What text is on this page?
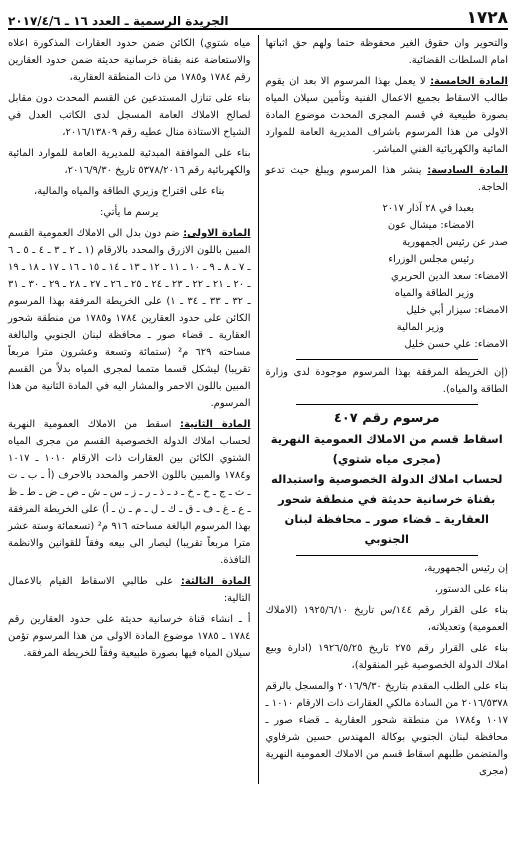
١٧٢٨
الجريدة الرسمية ـ العدد ١٦ ـ ٢٠١٧/٤/٦

والتحوير وان حقوق الغير محفوظة حتما ولهم حق اثباتها امام السلطات القضائية.

المادة الخامسة: لا يعمل بهذا المرسوم الا بعد ان يقوم طالب الاسقاط بجميع الاعمال الفنية وتأمين سيلان المياه بصورة طبيعية في قسم المجرى المحدث موضوع المادة الاولى من هذا المرسوم باشراف المديرية العامة للموارد المائية والكهربائية الفني المباشر.

المادة السادسة: ينشر هذا المرسوم ويبلغ حيث تدعو الحاجة.

بعبدا في ٢٨ آذار ٢٠١٧

الامضاء: ميشال عون

صدر عن رئيس الجمهورية

رئيس مجلس الوزراء

الامضاء: سعد الدين الحريري

وزير الطاقة والمياه

الامضاء: سيزار أبي خليل

وزير المالية

الامضاء: علي حسن خليل

(إن الخريطة المرفقة بهذا المرسوم موجودة لدى وزارة الطاقة والمياه).

مرسوم رقم ٤٠٧
اسقاط قسم من الاملاك العمومية النهرية (مجرى مياه شتوي)
لحساب املاك الدولة الخصوصية واستبداله بقناة خرسانية حديثة في منطقة شحور العقارية ـ قضاء صور ـ محافظة لبنان الجنوبي

إن رئيس الجمهورية،

بناء على الدستور،

بناء على القرار رقم ١٤٤/س تاريخ ١٩٢٥/٦/١٠ (الاملاك العمومية) وتعديلاته،

بناء على القرار رقم ٢٧٥ تاريخ ١٩٢٦/٥/٢٥ (ادارة وبيع املاك الدولة الخصوصية غير المنقولة)،

بناء على الطلب المقدم بتاريخ ٢٠١٦/٩/٣٠ والمسجل بالرقم ٢٠١٦/٥٣٧٨ من السادة مالكي العقارات ذات الارقام ١٠١٠ ـ ١٠١٧ و١٧٨٤ من منطقة شحور العقارية ـ قضاء صور ـ محافظة لبنان الجنوبي بوكالة المهندس حسين شرفاوي والمتضمن طلبهم اسقاط قسم من الاملاك العمومية النهرية (مجرى

مياه شتوي) الكائن ضمن حدود العقارات المذكورة اعلاه والاستعاضة عنه بقناة خرسانية حديثة ضمن حدود العقارين رقم ١٧٨٤ و١٧٨٥ من ذات المنطقة العقارية،

بناء على تنازل المستدعين عن القسم المحدث دون مقابل لصالح الاملاك العامة المسجل لدى الكاتب العدل في الشياح الاستاذة منال عطيه رقم ٢٠١٦/١٣٨٠٩،

بناء على الموافقة المبدئية للمديرية العامة للموارد المائية والكهربائية رقم ٥٣٧٨/٢٠١٦ تاريخ ٢٠١٦/٩/٣٠،

بناء على اقتراح وزيري الطاقة والمياه والمالية،

يرسم ما يأتي:

المادة الاولى: ضم دون بدل الى الاملاك العمومية القسم المبين باللون الازرق والمحدد بالارقام (١ ـ ٢ ـ ٣ ـ ٤ ـ ٥ ـ ٦ ـ ٧ ـ ٨ ـ ٩ ـ ١٠ ـ ١١ ـ ١٢ ـ ١٣ ـ ١٤ ـ ١٥ ـ ١٦ ـ ١٧ ـ ١٨ ـ ١٩ ـ ٢٠ ـ ٢١ ـ ٢٢ ـ ٢٣ ـ ٢٤ ـ ٢٥ ـ ٢٦ ـ ٢٧ ـ ٢٨ ـ ٢٩ ـ ٣٠ ـ ٣١ ـ ٣٢ ـ ٣٣ ـ ٣٤ ـ ١) على الخريطة المرفقة بهذا المرسوم الكائن على حدود العقارين ١٧٨٤ و١٧٨٥ من منطقة شحور العقارية ـ قضاء صور ـ محافظة لبنان الجنوبي والبالغة مساحته ٦٢٩ م² (ستمائة وتسعة وعشرون مترا مربعاً تقريبا) ليشكل قسما متمما لمجرى المياه بدلاً من القسم المبين باللون الاحمر والمشار اليه في المادة الثانية من هذا المرسوم.

المادة الثانية: اسقط من الاملاك العمومية النهرية لحساب املاك الدولة الخصوصية القسم من مجرى المياه الشتوي الكائن بين العقارات ذات الارقام ١٠١٠ ـ ١٠١٧ و١٧٨٤ والمبين باللون الاحمر والمحدد بالاحرف (أ ـ ب ـ ت ـ ث ـ ج ـ ح ـ خ ـ د ـ ذ ـ ر ـ ز ـ س ـ ش ـ ص ـ ض ـ ط ـ ظ ـ ع ـ غ ـ ف ـ ق ـ ك ـ ل ـ م ـ ن ـ أ) على الخريطة المرفقة بهذا المرسوم البالغة مساحته ٩١٦ م² (تسعمائة وستة عشر مترا مربعاً تقريبا) ليصار الى بيعه وفقاً للقوانين والانظمة النافذة.

المادة الثالثة: على طالبي الاسقاط القيام بالاعمال التالية:

أ ـ انشاء قناة خرسانية حديثة على حدود العقارين رقم ١٧٨٤ ـ ١٧٨٥ موضوع المادة الاولى من هذا المرسوم تؤمن سيلان المياه فيها بصورة طبيعية وفقاً للخريطة المرفقة.
